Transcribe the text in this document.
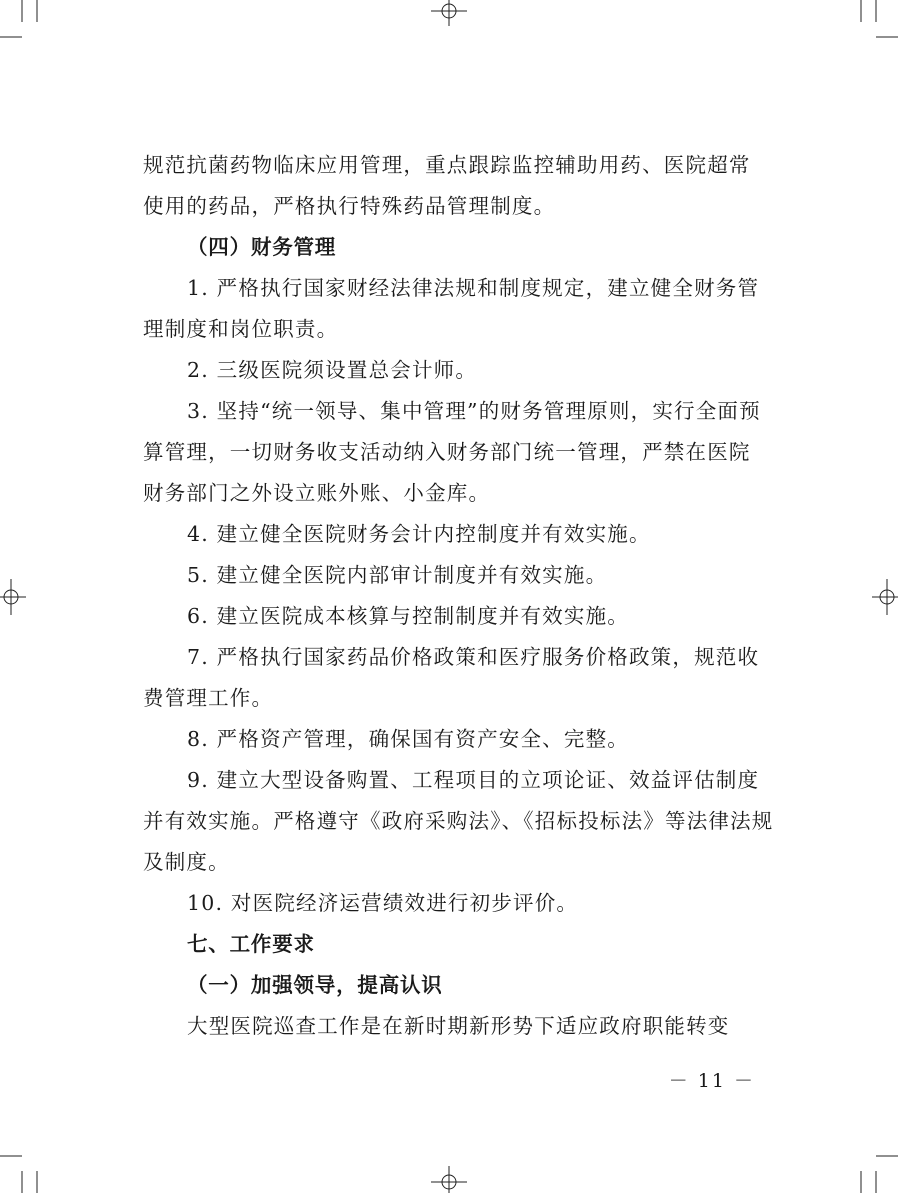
规范抗菌药物临床应用管理，重点跟踪监控辅助用药、医院超常
使用的药品，严格执行特殊药品管理制度。
（四）财务管理
1. 严格执行国家财经法律法规和制度规定，建立健全财务管
理制度和岗位职责。
2. 三级医院须设置总会计师。
3. 坚持“统一领导、集中管理”的财务管理原则，实行全面预
算管理，一切财务收支活动纳入财务部门统一管理，严禁在医院
财务部门之外设立账外账、小金库。
4. 建立健全医院财务会计内控制度并有效实施。
5. 建立健全医院内部审计制度并有效实施。
6. 建立医院成本核算与控制制度并有效实施。
7. 严格执行国家药品价格政策和医疗服务价格政策，规范收
费管理工作。
8. 严格资产管理，确保国有资产安全、完整。
9. 建立大型设备购置、工程项目的立项论证、效益评估制度
并有效实施。严格遵守《政府采购法》、《招标投标法》等法律法规
及制度。
10. 对医院经济运营绩效进行初步评价。
七、工作要求
（一）加强领导，提高认识
大型医院巡查工作是在新时期新形势下适应政府职能转变
－ 11 －
